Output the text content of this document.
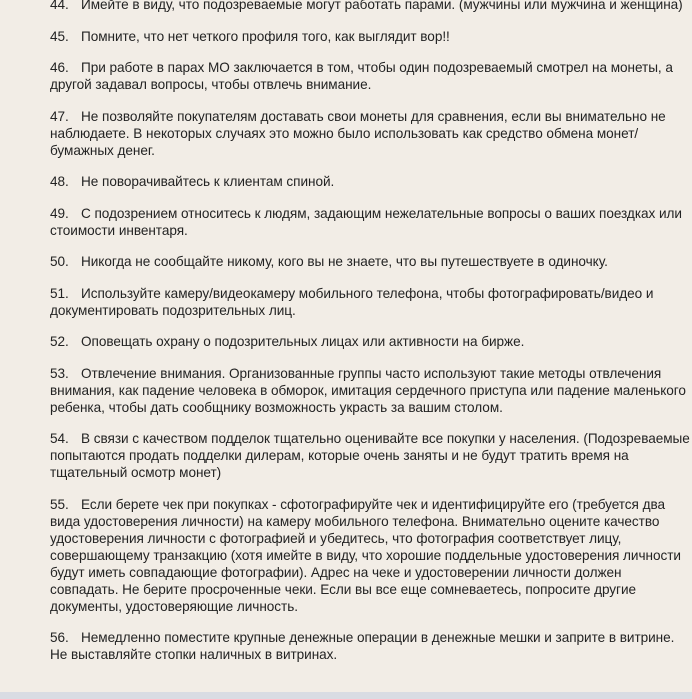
44. Имейте в виду, что подозреваемые могут работать парами. (мужчины или мужчина и женщина)
45. Помните, что нет четкого профиля того, как выглядит вор!!
46. При работе в парах МО заключается в том, чтобы один подозреваемый смотрел на монеты, а другой задавал вопросы, чтобы отвлечь внимание.
47. Не позволяйте покупателям доставать свои монеты для сравнения, если вы внимательно не наблюдаете. В некоторых случаях это можно было использовать как средство обмена монет/бумажных денег.
48. Не поворачивайтесь к клиентам спиной.
49. С подозрением относитесь к людям, задающим нежелательные вопросы о ваших поездках или стоимости инвентаря.
50. Никогда не сообщайте никому, кого вы не знаете, что вы путешествуете в одиночку.
51. Используйте камеру/видеокамеру мобильного телефона, чтобы фотографировать/видео и документировать подозрительных лиц.
52. Оповещать охрану о подозрительных лицах или активности на бирже.
53. Отвлечение внимания. Организованные группы часто используют такие методы отвлечения внимания, как падение человека в обморок, имитация сердечного приступа или падение маленького ребенка, чтобы дать сообщнику возможность украсть за вашим столом.
54. В связи с качеством подделок тщательно оценивайте все покупки у населения. (Подозреваемые попытаются продать подделки дилерам, которые очень заняты и не будут тратить время на тщательный осмотр монет)
55. Если берете чек при покупках - сфотографируйте чек и идентифицируйте его (требуется два вида удостоверения личности) на камеру мобильного телефона. Внимательно оцените качество удостоверения личности с фотографией и убедитесь, что фотография соответствует лицу, совершающему транзакцию (хотя имейте в виду, что хорошие поддельные удостоверения личности будут иметь совпадающие фотографии). Адрес на чеке и удостоверении личности должен совпадать. Не берите просроченные чеки. Если вы все еще сомневаетесь, попросите другие документы, удостоверяющие личность.
56. Немедленно поместите крупные денежные операции в денежные мешки и заприте в витрине. Не выставляйте стопки наличных в витринах.
